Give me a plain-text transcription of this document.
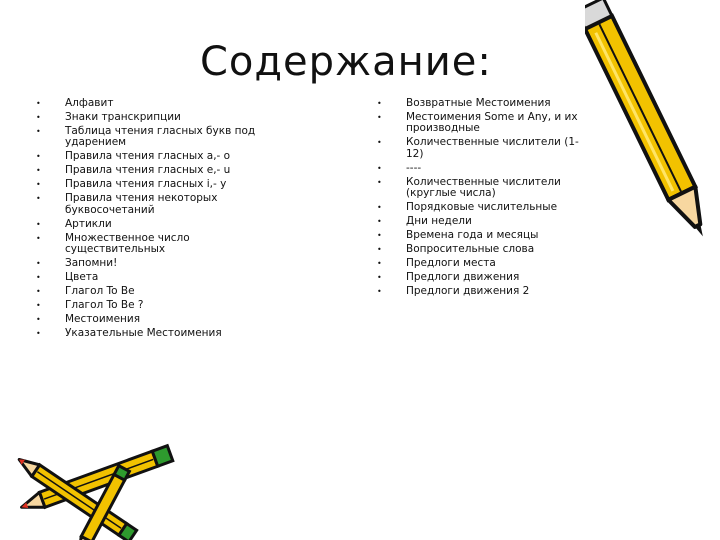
Содержание:
• Алфавит
• Знаки транскрипции
• Таблица чтения гласных букв под ударением
• Правила чтения гласных а,- о
• Правила чтения гласных е,- u
• Правила чтения гласных i,- y
• Правила чтения некоторых буквосочетаний
• Артикли
• Множественное число существительных
• Запомни!
• Цвета
• Глагол To Be
• Глагол To Be ?
• Местоимения
• Указательные Местоимения
• Возвратные Местоимения
• Местоимения Some и Any, и их производные
• Количественные числители (1-12)
• ----
• Количественные числители (круглые числа)
• Порядковые числительные
• Дни недели
• Времена года и месяцы
• Вопросительные слова
• Предлоги места
• Предлоги движения
• Предлоги движения 2
